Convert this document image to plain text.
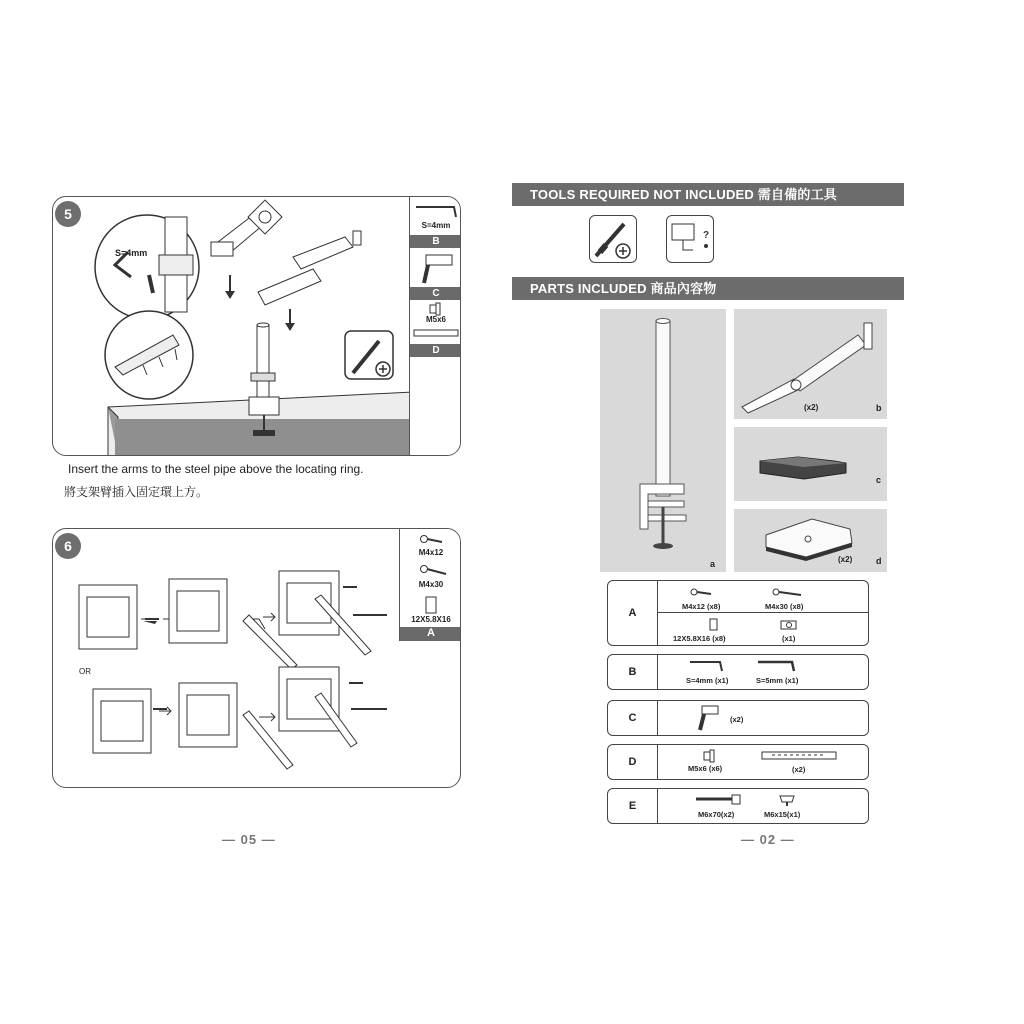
5
S=4mm
S=4mm
B
C
M5x6
D
Insert the arms to the steel pipe above the locating ring.
將支架臂插入固定環上方。
6
OR
M4x12
M4x30
12X5.8X16
A
— 05 —
TOOLS REQUIRED NOT INCLUDED 需自備的工具
?
PARTS INCLUDED 商品內容物
a
(x2)	b
c
(x2)	d
A
M4x12 (x8)	M4x30 (x8)
12X5.8X16 (x8)	(x1)
B
S=4mm (x1)	S=5mm (x1)
C	(x2)
D
M5x6 (x6)	(x2)
E
M6x70(x2)	M6x15(x1)
— 02 —
